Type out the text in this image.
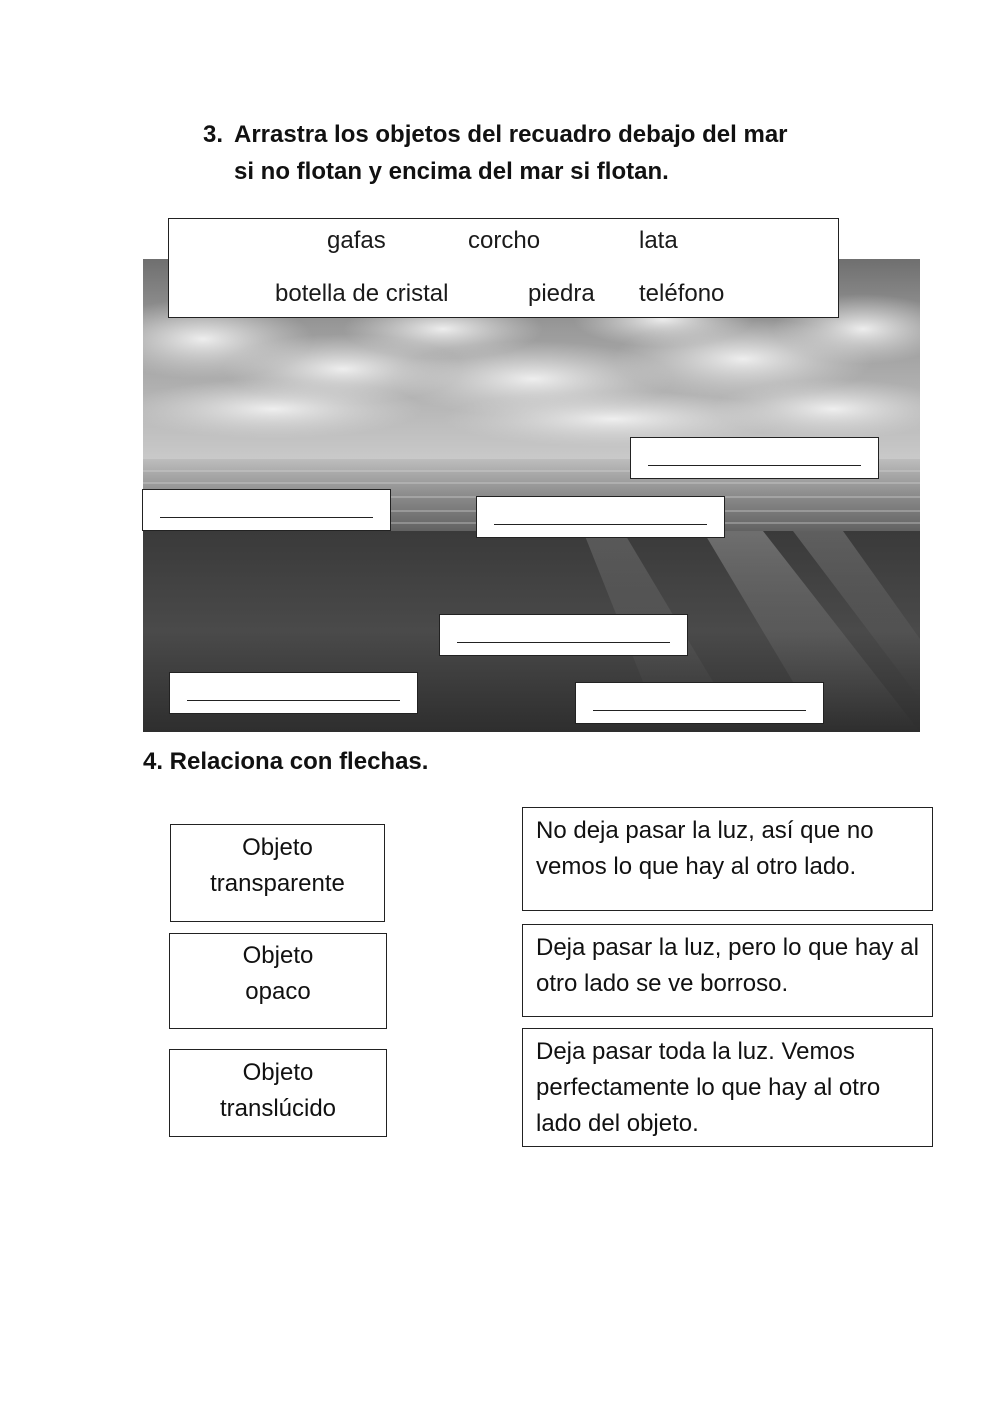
3. Arrastra los objetos del recuadro debajo del mar
si no flotan y encima del mar si flotan.
gafas	corcho	lata
botella de cristal	piedra teléfono
4. Relaciona con flechas.
Objeto
transparente
Objeto
opaco
Objeto
translúcido
No deja pasar la luz, así que no vemos lo que hay al otro lado.
Deja pasar la luz, pero lo que hay al otro lado se ve borroso.
Deja pasar toda la luz. Vemos perfectamente lo que hay al otro lado del objeto.
